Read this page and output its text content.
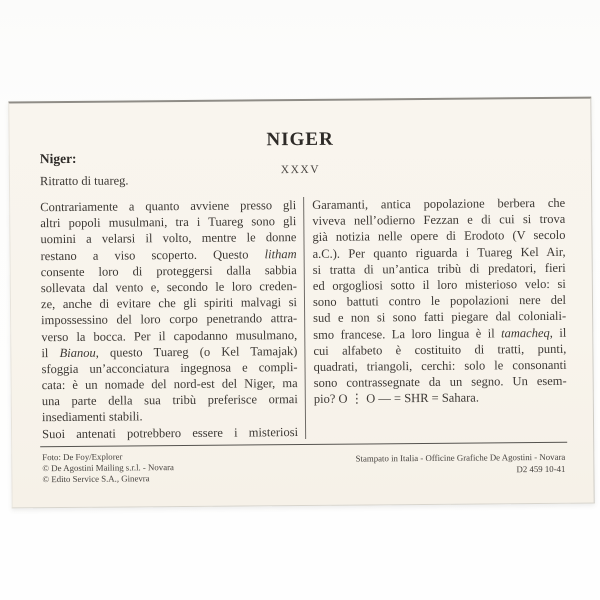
NIGER
Niger:
Ritratto di tuareg.
XXXV
Contrariamente a quanto avviene presso gli
altri popoli musulmani, tra i Tuareg sono gli
uomini a velarsi il volto, mentre le donne
restano a viso scoperto. Questo litham
consente loro di proteggersi dalla sabbia
sollevata dal vento e, secondo le loro creden-
ze, anche di evitare che gli spiriti malvagi si
impossessino del loro corpo penetrando attra-
verso la bocca. Per il capodanno musulmano,
il Bianou, questo Tuareg (o Kel Tamajak)
sfoggia un’acconciatura ingegnosa e compli-
cata: è un nomade del nord-est del Niger, ma
una parte della sua tribù preferisce ormai
insediamenti stabili.
Suoi antenati potrebbero essere i misteriosi
Garamanti, antica popolazione berbera che
viveva nell’odierno Fezzan e di cui si trova
già notizia nelle opere di Erodoto (V secolo
a.C.). Per quanto riguarda i Tuareg Kel Air,
si tratta di un’antica tribù di predatori, fieri
ed orgogliosi sotto il loro misterioso velo: si
sono battuti contro le popolazioni nere del
sud e non si sono fatti piegare dal coloniali-
smo francese. La loro lingua è il tamacheq, il
cui alfabeto è costituito di tratti, punti,
quadrati, triangoli, cerchi: solo le consonanti
sono contrassegnate da un segno. Un esem-
pio? O ⋮ O — = SHR = Sahara.
Foto: De Foy/Explorer
© De Agostini Mailing s.r.l. - Novara
© Edito Service S.A., Ginevra
Stampato in Italia - Officine Grafiche De Agostini - Novara
D2 459 10-41
